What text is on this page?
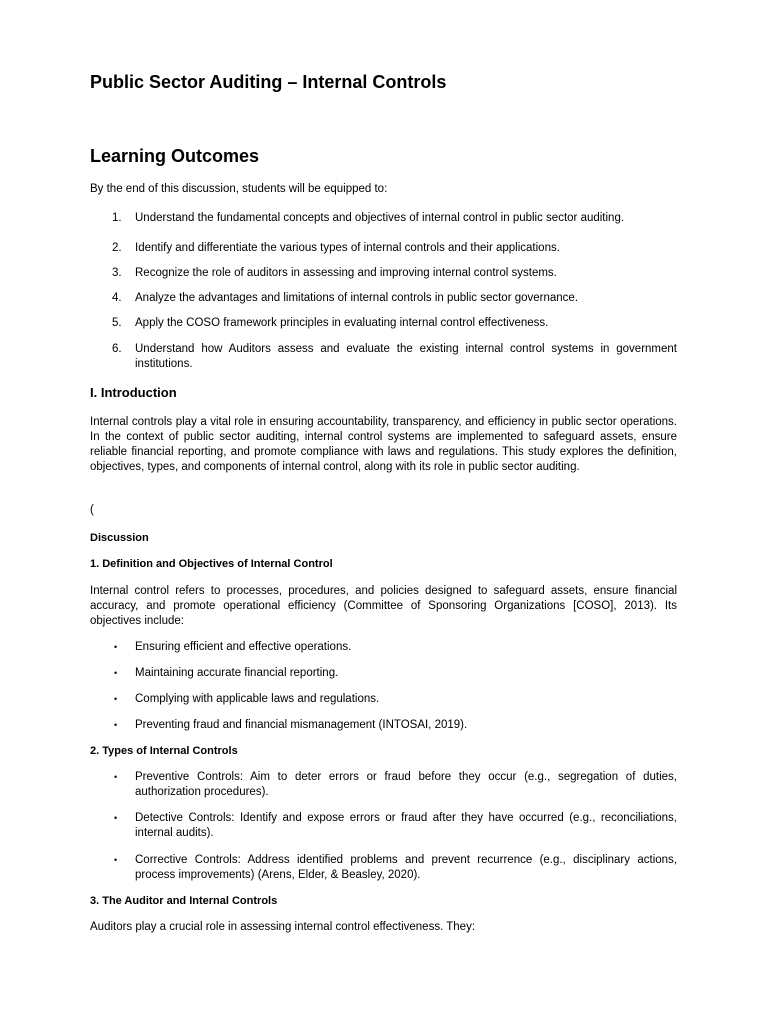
Public Sector Auditing – Internal Controls
Learning Outcomes

By the end of this discussion, students will be equipped to:

1. Understand the fundamental concepts and objectives of internal control in public sector auditing.
2. Identify and differentiate the various types of internal controls and their applications.
3. Recognize the role of auditors in assessing and improving internal control systems.
4. Analyze the advantages and limitations of internal controls in public sector governance.
5. Apply the COSO framework principles in evaluating internal control effectiveness.
6. Understand how Auditors assess and evaluate the existing internal control systems in government institutions.
I. Introduction

Internal controls play a vital role in ensuring accountability, transparency, and efficiency in public sector operations. In the context of public sector auditing, internal control systems are implemented to safeguard assets, ensure reliable financial reporting, and promote compliance with laws and regulations. This study explores the definition, objectives, types, and components of internal control, along with its role in public sector auditing.

(

Discussion

1. Definition and Objectives of Internal Control

Internal control refers to processes, procedures, and policies designed to safeguard assets, ensure financial accuracy, and promote operational efficiency (Committee of Sponsoring Organizations [COSO], 2013). Its objectives include:

• Ensuring efficient and effective operations.
• Maintaining accurate financial reporting.
• Complying with applicable laws and regulations.
• Preventing fraud and financial mismanagement (INTOSAI, 2019).

2. Types of Internal Controls

• Preventive Controls: Aim to deter errors or fraud before they occur (e.g., segregation of duties, authorization procedures).
• Detective Controls: Identify and expose errors or fraud after they have occurred (e.g., reconciliations, internal audits).
• Corrective Controls: Address identified problems and prevent recurrence (e.g., disciplinary actions, process improvements) (Arens, Elder, & Beasley, 2020).

3. The Auditor and Internal Controls

Auditors play a crucial role in assessing internal control effectiveness. They:
